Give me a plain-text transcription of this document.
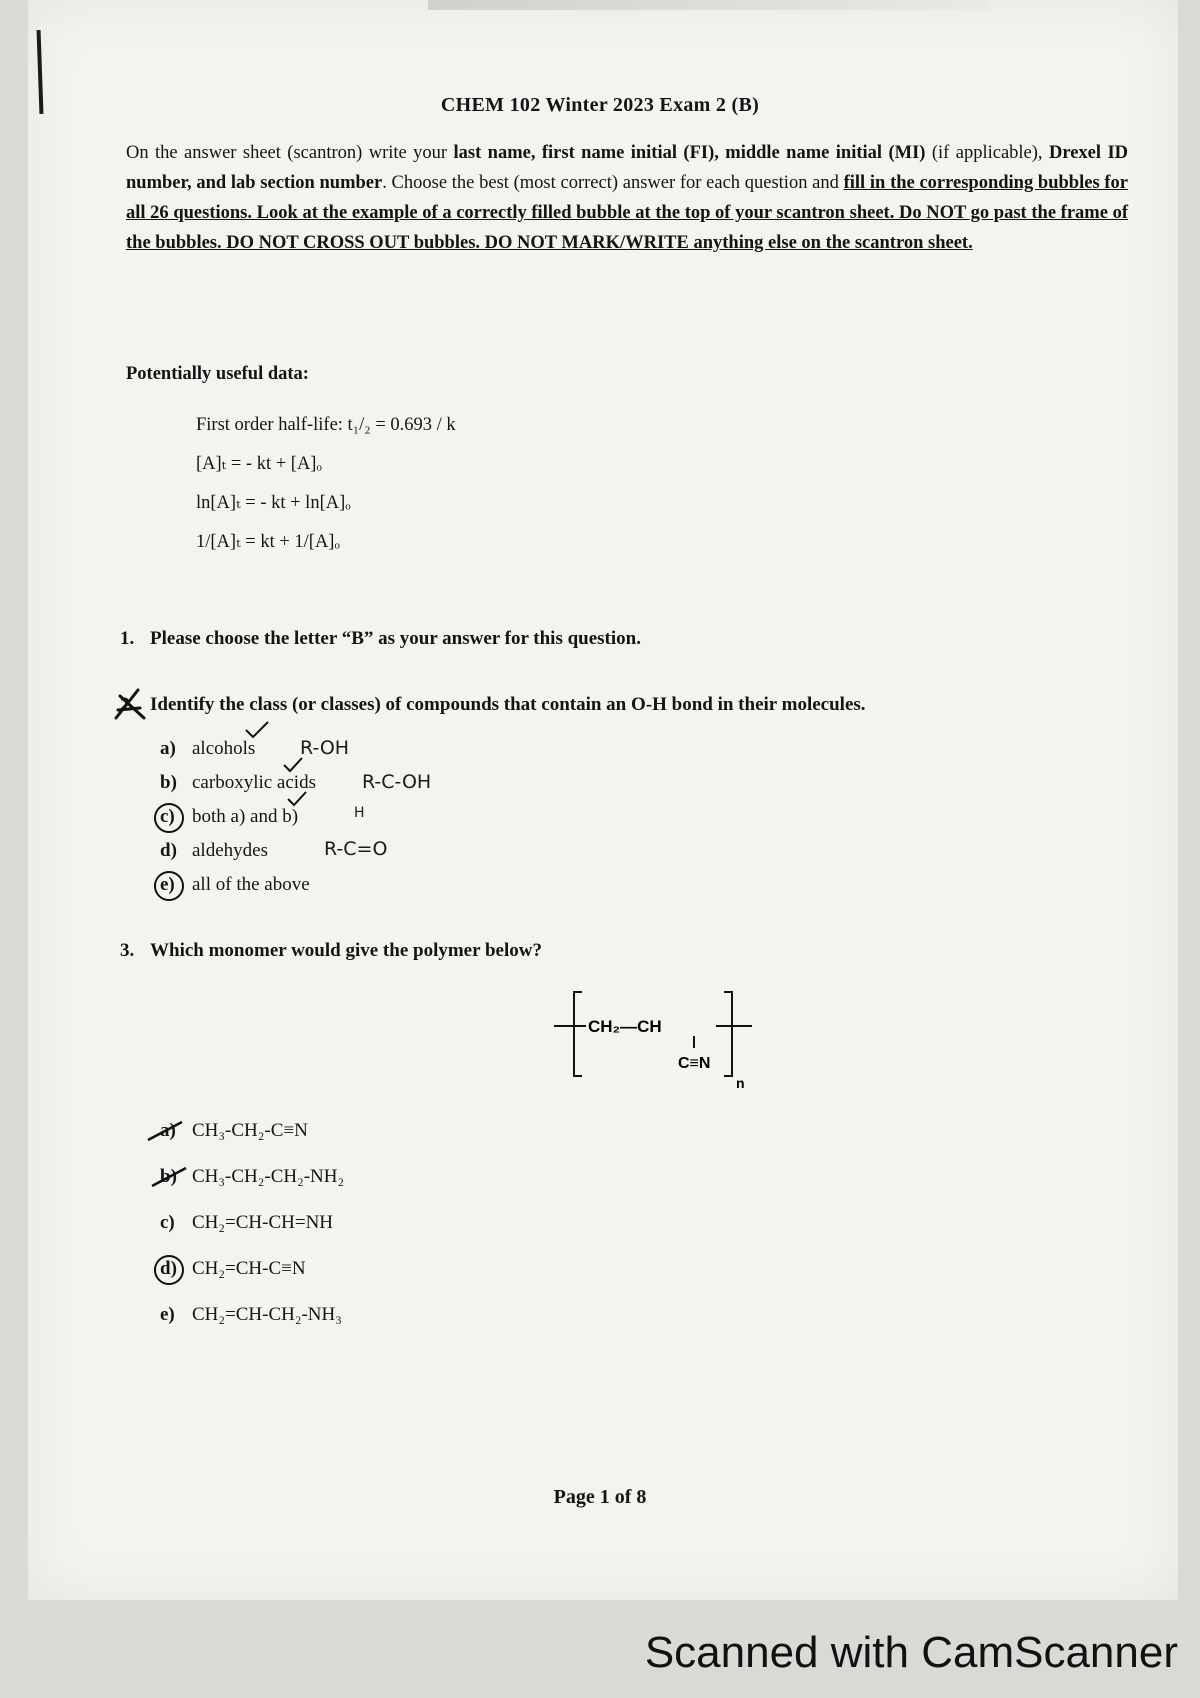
CHEM 102 Winter 2023 Exam 2 (B)
On the answer sheet (scantron) write your last name, first name initial (FI), middle name initial (MI) (if applicable), Drexel ID number, and lab section number. Choose the best (most correct) answer for each question and fill in the corresponding bubbles for all 26 questions. Look at the example of a correctly filled bubble at the top of your scantron sheet. Do NOT go past the frame of the bubbles. DO NOT CROSS OUT bubbles. DO NOT MARK/WRITE anything else on the scantron sheet.
Potentially useful data:
First order half-life: t₁/₂ = 0.693 / k
[A]ₜ = - kt + [A]ₒ
ln[A]ₜ = - kt + ln[A]ₒ
1/[A]ₜ = kt + 1/[A]ₒ
1. Please choose the letter “B” as your answer for this question.
2. Identify the class (or classes) of compounds that contain an O-H bond in their molecules.
a) alcohols
b) carboxylic acids
c) both a) and b)
d) aldehydes
e) all of the above
R-OH
R-C-OH
H
R-C=O
3. Which monomer would give the polymer below?
CH₂—CH
C≡N
n
a) CH₃-CH₂-C≡N
b) CH₃-CH₂-CH₂-NH₂
c) CH₂=CH-CH=NH
d) CH₂=CH-C≡N
e) CH₂=CH-CH₂-NH₃
Page 1 of 8
Scanned with CamScanner
